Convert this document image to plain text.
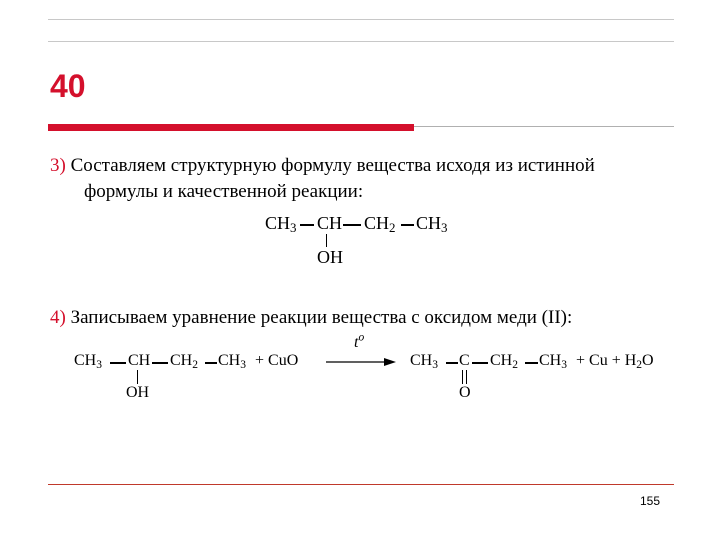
40
3) Составляем структурную формулу вещества исходя из истинной
формулы и качественной реакции:
$CH_3$ CH $CH_2$ $CH_3$
OH
4) Записываем уравнение реакции вещества с оксидом меди (II):
$CH_3$ CH $CH_2$ $CH_3$ + CuO
OH
$t^o$
$CH_3$ C $CH_2$ $CH_3 + Cu + H_2O$
O
155
